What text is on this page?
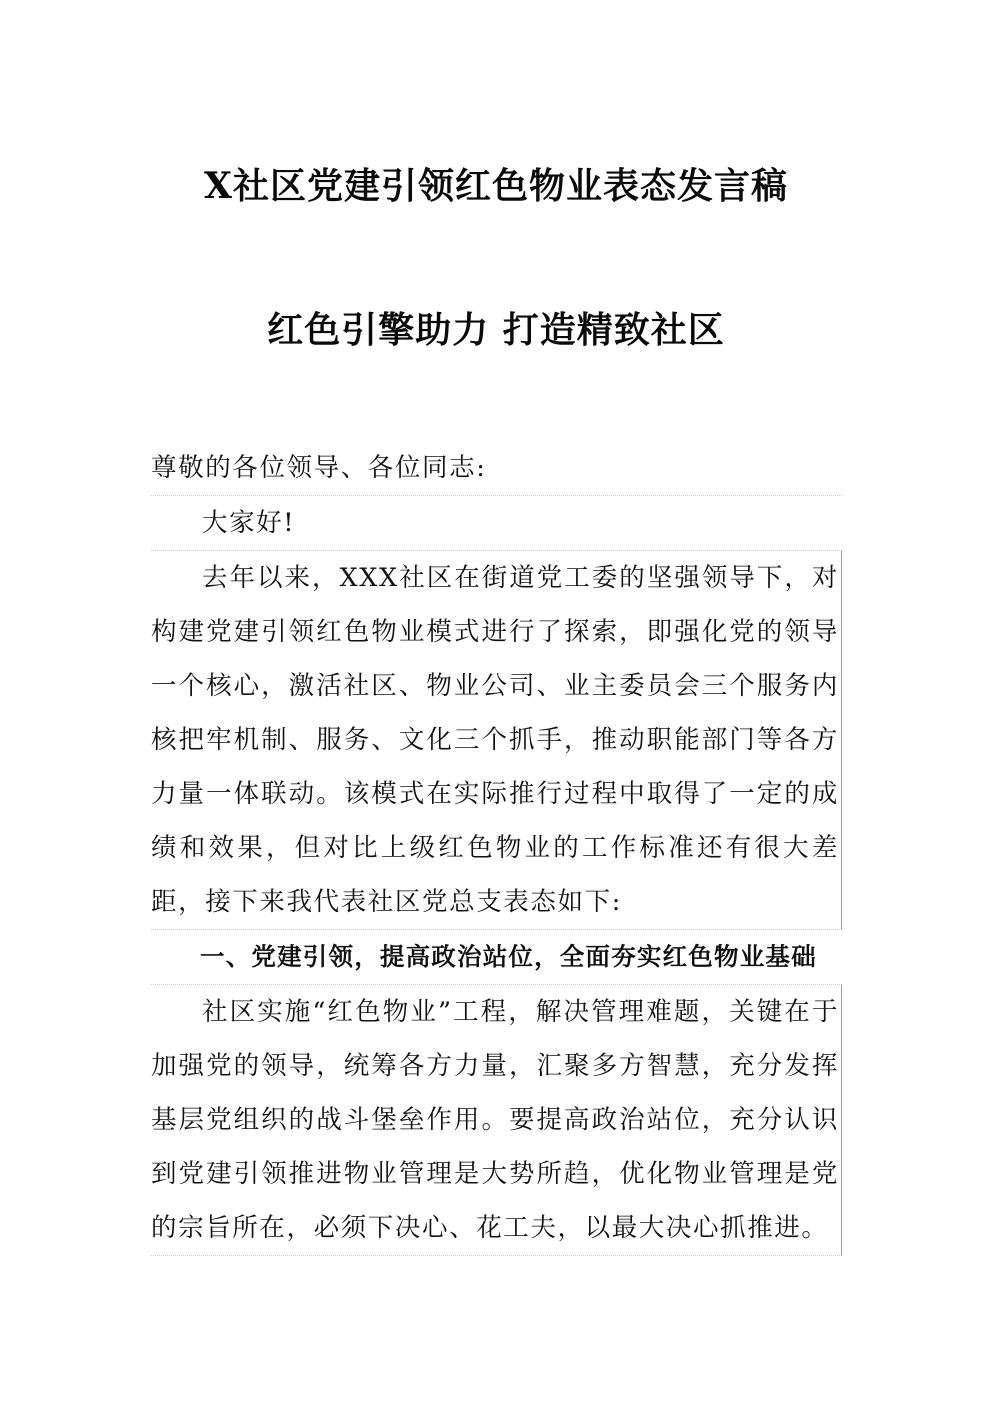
X社区党建引领红色物业表态发言稿
红色引擎助力 打造精致社区

尊敬的各位领导、各位同志:

大家好!

去年以来，XXX社区在街道党工委的坚强领导下，对构建党建引领红色物业模式进行了探索，即强化党的领导一个核心，激活社区、物业公司、业主委员会三个服务内核把牢机制、服务、文化三个抓手，推动职能部门等各方力量一体联动。该模式在实际推行过程中取得了一定的成绩和效果，但对比上级红色物业的工作标准还有很大差距，接下来我代表社区党总支表态如下:

一、党建引领，提高政治站位，全面夯实红色物业基础

社区实施“红色物业”工程，解决管理难题，关键在于加强党的领导，统筹各方力量，汇聚多方智慧，充分发挥基层党组织的战斗堡垒作用。要提高政治站位，充分认识到党建引领推进物业管理是大势所趋，优化物业管理是党的宗旨所在，必须下决心、花工夫，以最大决心抓推进。
